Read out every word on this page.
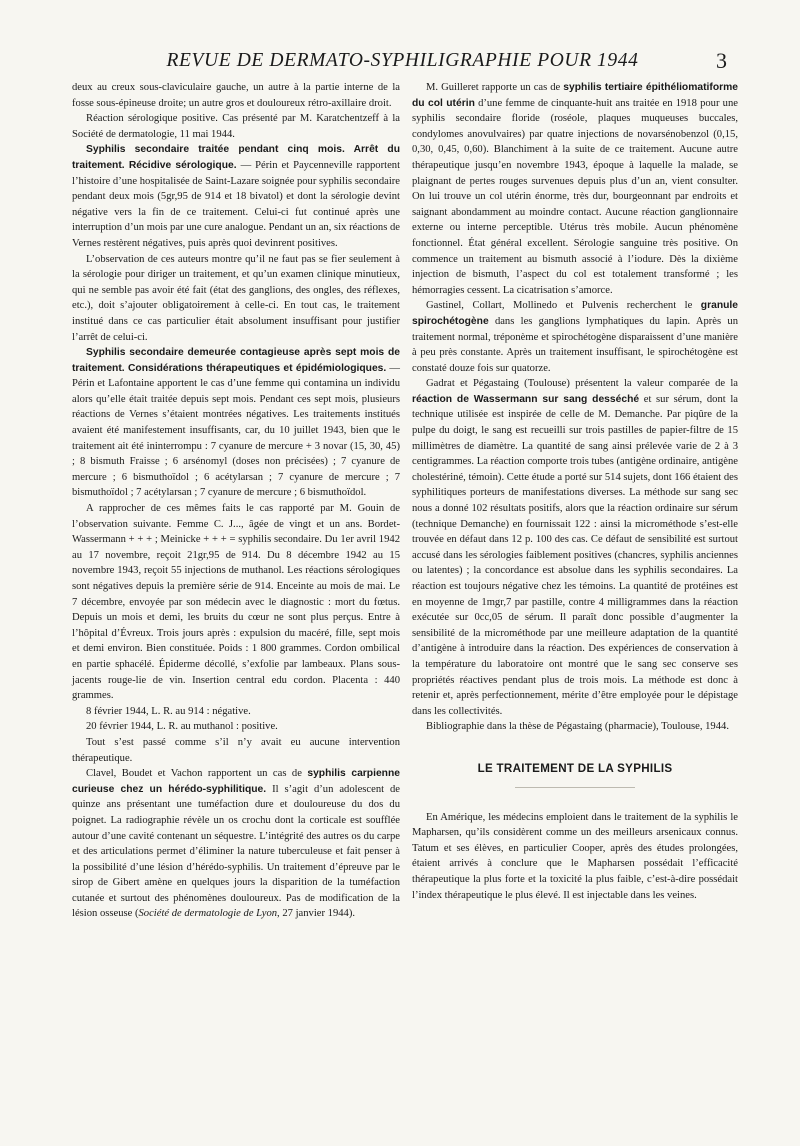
REVUE DE DERMATO-SYPHILIGRAPHIE POUR 1944	3

deux au creux sous-claviculaire gauche, un autre à la partie interne de la fosse sous-épineuse droite; un autre gros et douloureux rétro-axillaire droit.

Réaction sérologique positive. Cas présenté par M. Karatchentzeff à la Société de dermatologie, 11 mai 1944.

Syphilis secondaire traitée pendant cinq mois. Arrêt du traitement. Récidive sérologique. — Périn et Paycenneville rapportent l’histoire d’une hospitalisée de Saint-Lazare soignée pour syphilis secondaire pendant deux mois (5gr,95 de 914 et 18 bivatol) et dont la sérologie devint négative vers la fin de ce traitement. Celui-ci fut continué après une interruption d’un mois par une cure analogue. Pendant un an, six réactions de Vernes restèrent négatives, puis après quoi devinrent positives.

L’observation de ces auteurs montre qu’il ne faut pas se fier seulement à la sérologie pour diriger un traitement, et qu’un examen clinique minutieux, qui ne semble pas avoir été fait (état des ganglions, des ongles, des réflexes, etc.), doit s’ajouter obligatoirement à celle-ci. En tout cas, le traitement institué dans ce cas particulier était absolument insuffisant pour justifier l’arrêt de celui-ci.

Syphilis secondaire demeurée contagieuse après sept mois de traitement. Considérations thérapeutiques et épidémiologiques. — Périn et Lafontaine apportent le cas d’une femme qui contamina un individu alors qu’elle était traitée depuis sept mois. Pendant ces sept mois, plusieurs réactions de Vernes s’étaient montrées négatives. Les traitements institués avaient été manifestement insuffisants, car, du 10 juillet 1943, bien que le traitement ait été ininterrompu : 7 cyanure de mercure + 3 novar (15, 30, 45) ; 8 bismuth Fraisse ; 6 arsénomyl (doses non précisées) ; 7 cyanure de mercure ; 6 bismuthoïdol ; 6 acétylarsan ; 7 cyanure de mercure ; 7 bismuthoïdol ; 7 acétylarsan ; 7 cyanure de mercure ; 6 bismuthoïdol.

A rapprocher de ces mêmes faits le cas rapporté par M. Gouin de l’observation suivante. Femme C. J..., âgée de vingt et un ans. Bordet-Wassermann + + + ; Meinicke + + + = syphilis secondaire. Du 1er avril 1942 au 17 novembre, reçoit 21gr,95 de 914. Du 8 décembre 1942 au 15 novembre 1943, reçoit 55 injections de muthanol. Les réactions sérologiques sont négatives depuis la première série de 914. Enceinte au mois de mai. Le 7 décembre, envoyée par son médecin avec le diagnostic : mort du fœtus. Depuis un mois et demi, les bruits du cœur ne sont plus perçus. Entre à l’hôpital d’Évreux. Trois jours après : expulsion du macéré, fille, sept mois et demi environ. Bien constituée. Poids : 1 800 grammes. Cordon ombilical en partie sphacélé. Épiderme décollé, s’exfolie par lambeaux. Plans sous-jacents rouge-lie de vin. Insertion central edu cordon. Placenta : 440 grammes.

8 février 1944, L. R. au 914 : négative.

20 février 1944, L. R. au muthanol : positive.

Tout s’est passé comme s’il n’y avait eu aucune intervention thérapeutique.

Clavel, Boudet et Vachon rapportent un cas de syphilis carpienne curieuse chez un hérédo-syphilitique. Il s’agit d’un adolescent de quinze ans présentant une tuméfaction dure et douloureuse du dos du poignet. La radiographie révèle un os crochu dont la corticale est soufflée autour d’une cavité contenant un séquestre. L’intégrité des autres os du carpe et des articulations permet d’éliminer la nature tuberculeuse et fait penser à la possibilité d’une lésion d’hérédo-syphilis. Un traitement d’épreuve par le sirop de Gibert amène en quelques jours la disparition de la tuméfaction cutanée et surtout des phénomènes douloureux. Pas de modification de la lésion osseuse (Société de dermatologie de Lyon, 27 janvier 1944).

M. Guilleret rapporte un cas de syphilis tertiaire épithéliomatiforme du col utérin d’une femme de cinquante-huit ans traitée en 1918 pour une syphilis secondaire floride (roséole, plaques muqueuses buccales, condylomes anovulvaires) par quatre injections de novarsénobenzol (0,15, 0,30, 0,45, 0,60). Blanchiment à la suite de ce traitement. Aucune autre thérapeutique jusqu’en novembre 1943, époque à laquelle la malade, se plaignant de pertes rouges survenues depuis plus d’un an, vient consulter. On lui trouve un col utérin énorme, très dur, bourgeonnant par endroits et saignant abondamment au moindre contact. Aucune réaction ganglionnaire externe ou interne perceptible. Utérus très mobile. Aucun phénomène fonctionnel. État général excellent. Sérologie sanguine très positive. On commence un traitement au bismuth associé à l’iodure. Dès la dixième injection de bismuth, l’aspect du col est totalement transformé ; les hémorragies cessent. La cicatrisation s’amorce.

Gastinel, Collart, Mollinedo et Pulvenis recherchent le granule spirochétogène dans les ganglions lymphatiques du lapin. Après un traitement normal, tréponème et spirochétogène disparaissent d’une manière à peu près constante. Après un traitement insuffisant, le spirochétogène est constaté douze fois sur quatorze.

Gadrat et Pégastaing (Toulouse) présentent la valeur comparée de la réaction de Wassermann sur sang desséché et sur sérum, dont la technique utilisée est inspirée de celle de M. Demanche. Par piqûre de la pulpe du doigt, le sang est recueilli sur trois pastilles de papier-filtre de 15 millimètres de diamètre. La quantité de sang ainsi prélevée varie de 2 à 3 centigrammes. La réaction comporte trois tubes (antigène ordinaire, antigène cholestériné, témoin). Cette étude a porté sur 514 sujets, dont 166 étaient des syphilitiques porteurs de manifestations diverses. La méthode sur sang sec nous a donné 102 résultats positifs, alors que la réaction ordinaire sur sérum (technique Demanche) en fournissait 122 : ainsi la microméthode s’est-elle trouvée en défaut dans 12 p. 100 des cas. Ce défaut de sensibilité est surtout accusé dans les sérologies faiblement positives (chancres, syphilis anciennes ou latentes) ; la concordance est absolue dans les syphilis secondaires. La réaction est toujours négative chez les témoins. La quantité de protéines est en moyenne de 1mgr,7 par pastille, contre 4 milligrammes dans la réaction exécutée sur 0cc,05 de sérum. Il paraît donc possible d’augmenter la sensibilité de la microméthode par une meilleure adaptation de la quantité d’antigène à introduire dans la réaction. Des expériences de conservation à la température du laboratoire ont montré que le sang sec conserve ses propriétés réactives pendant plus de trois mois. La méthode est donc à retenir et, après perfectionnement, mérite d’être employée pour le dépistage dans les collectivités.

Bibliographie dans la thèse de Pégastaing (pharmacie), Toulouse, 1944.

LE TRAITEMENT DE LA SYPHILIS

En Amérique, les médecins emploient dans le traitement de la syphilis le Mapharsen, qu’ils considèrent comme un des meilleurs arsenicaux connus. Tatum et ses élèves, en particulier Cooper, après des études prolongées, étaient arrivés à conclure que le Mapharsen possédait l’efficacité thérapeutique la plus forte et la toxicité la plus faible, c’est-à-dire possédait l’index thérapeutique le plus élevé. Il est injectable dans les veines.
